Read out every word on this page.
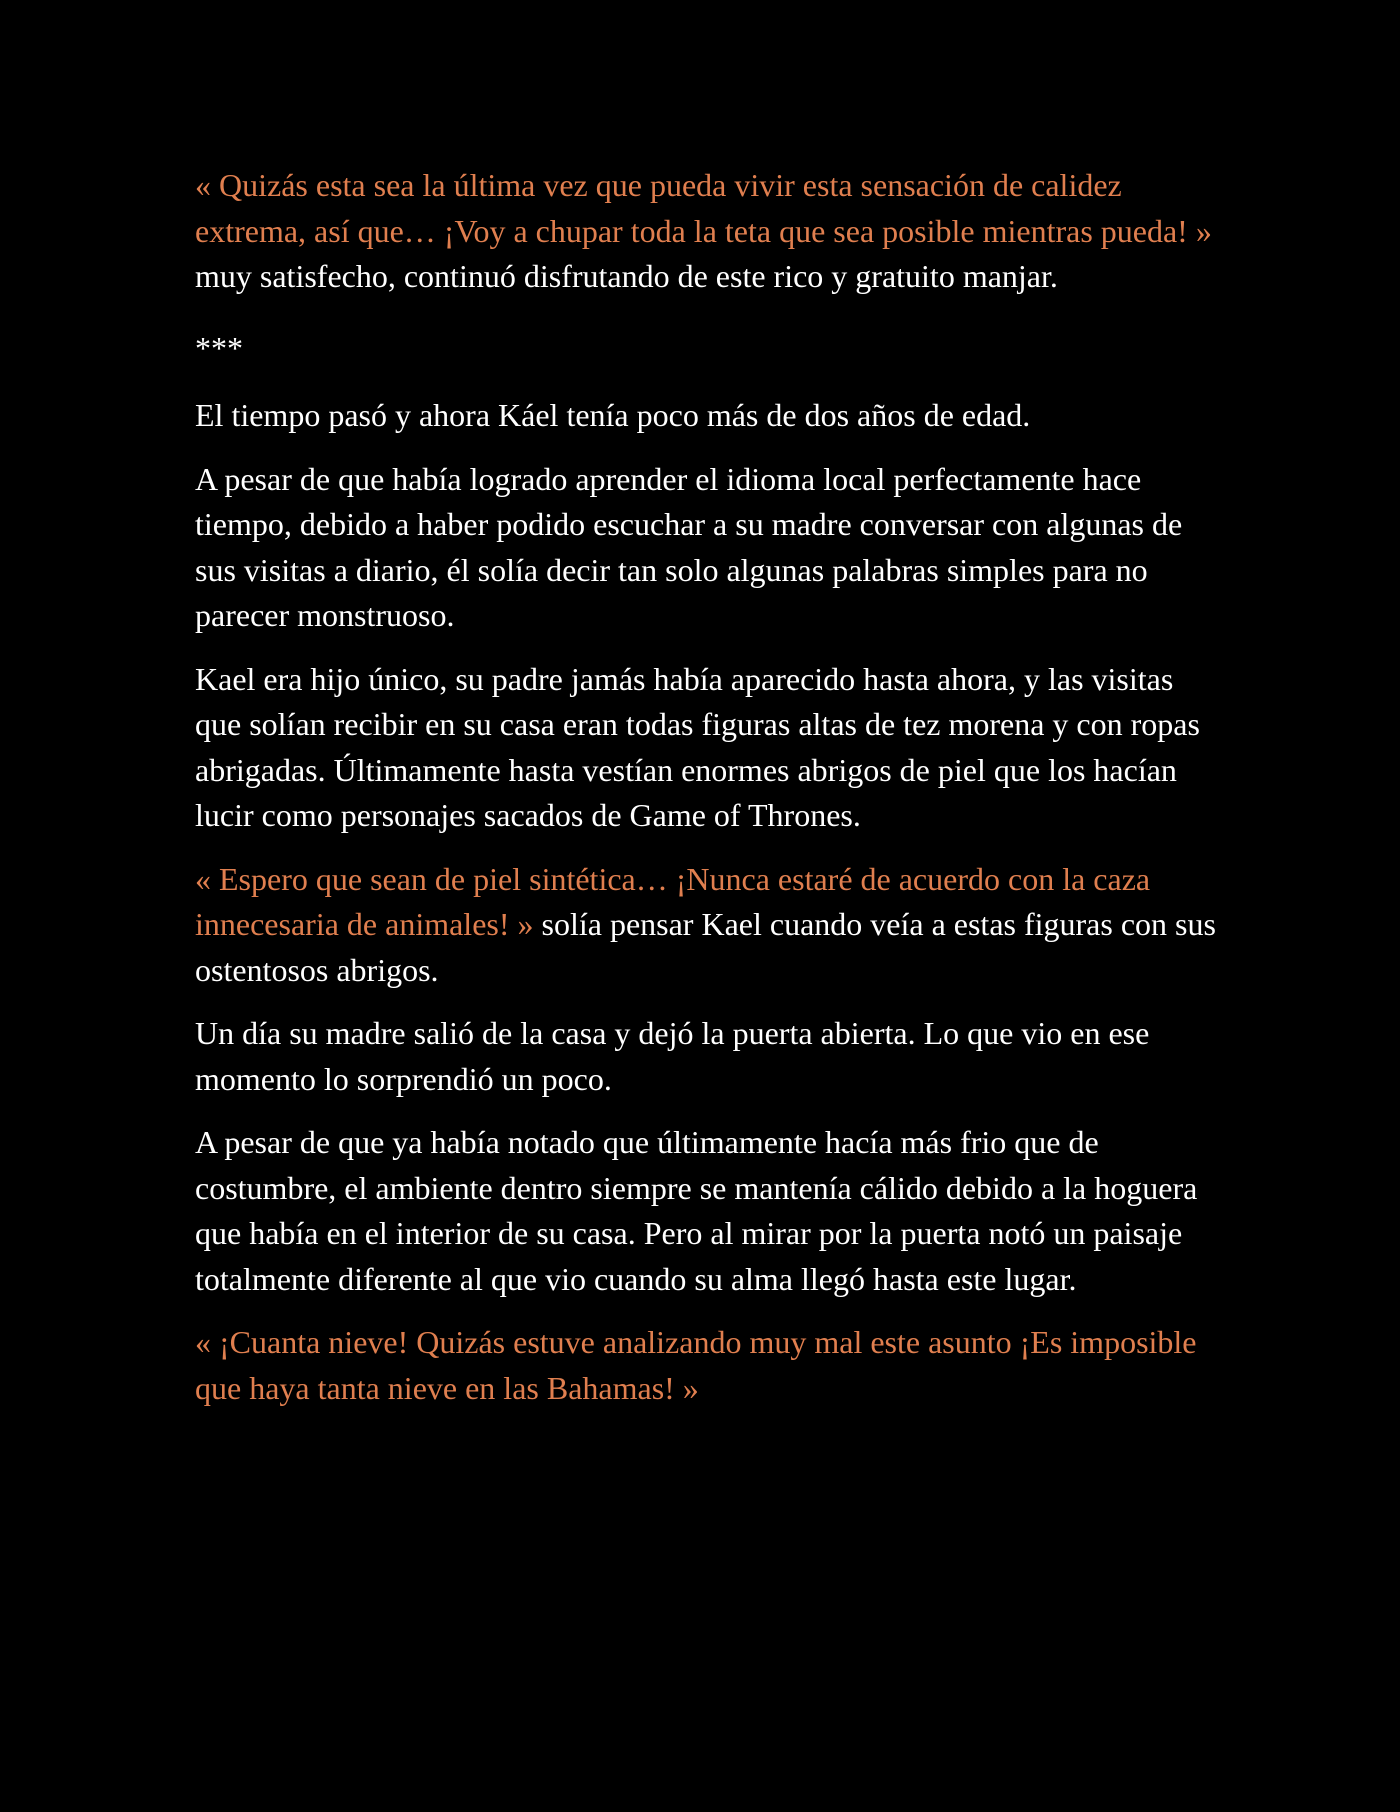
« Quizás esta sea la última vez que pueda vivir esta sensación de calidez extrema, así que… ¡Voy a chupar toda la teta que sea posible mientras pueda! » muy satisfecho, continuó disfrutando de este rico y gratuito manjar.

***

El tiempo pasó y ahora Káel tenía poco más de dos años de edad.

A pesar de que había logrado aprender el idioma local perfectamente hace tiempo, debido a haber podido escuchar a su madre conversar con algunas de sus visitas a diario, él solía decir tan solo algunas palabras simples para no parecer monstruoso.

Kael era hijo único, su padre jamás había aparecido hasta ahora, y las visitas que solían recibir en su casa eran todas figuras altas de tez morena y con ropas abrigadas. Últimamente hasta vestían enormes abrigos de piel que los hacían lucir como personajes sacados de Game of Thrones.

« Espero que sean de piel sintética… ¡Nunca estaré de acuerdo con la caza innecesaria de animales! » solía pensar Kael cuando veía a estas figuras con sus ostentosos abrigos.

Un día su madre salió de la casa y dejó la puerta abierta. Lo que vio en ese momento lo sorprendió un poco.

A pesar de que ya había notado que últimamente hacía más frio que de costumbre, el ambiente dentro siempre se mantenía cálido debido a la hoguera que había en el interior de su casa. Pero al mirar por la puerta notó un paisaje totalmente diferente al que vio cuando su alma llegó hasta este lugar.

« ¡Cuanta nieve! Quizás estuve analizando muy mal este asunto ¡Es imposible que haya tanta nieve en las Bahamas! »
